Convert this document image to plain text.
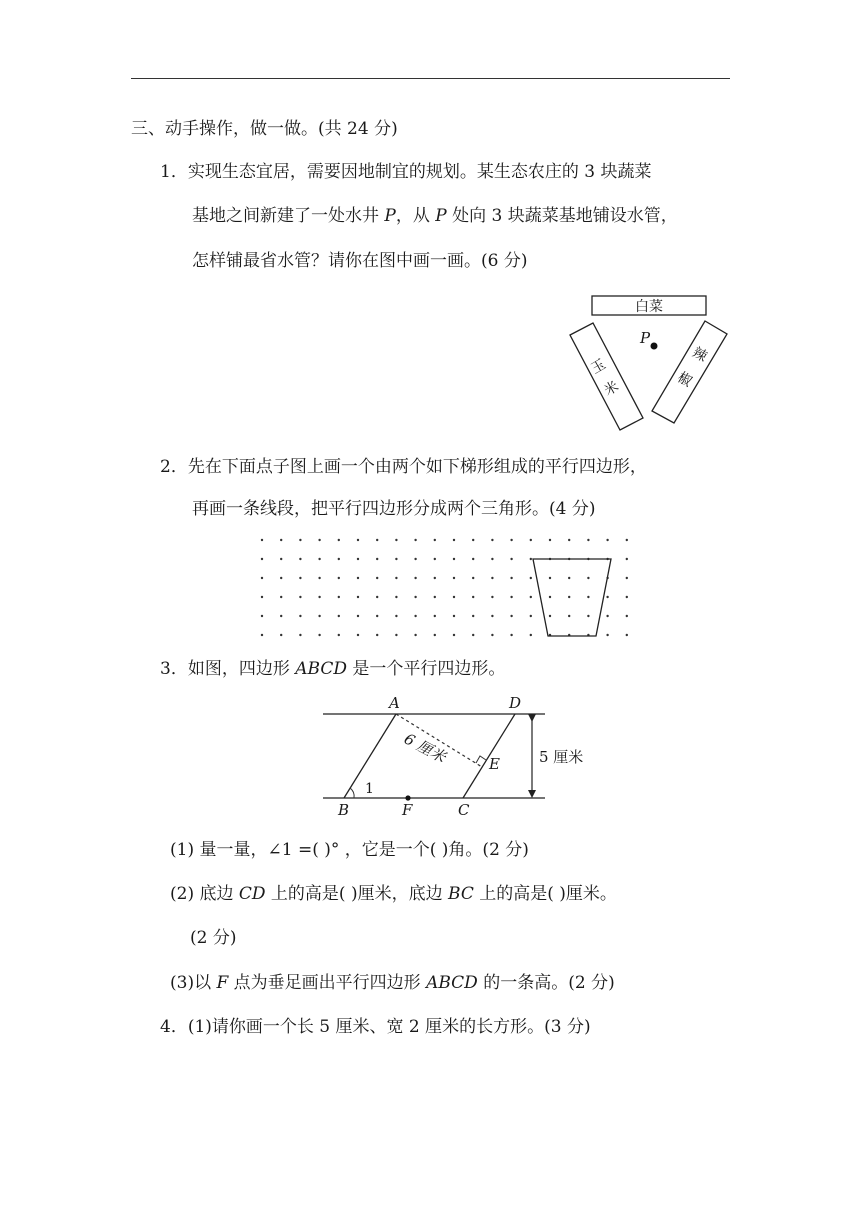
三、动手操作，做一做。(共 24 分)
1．实现生态宜居，需要因地制宜的规划。某生态农庄的 3 块蔬菜
基地之间新建了一处水井 P，从 P 处向 3 块蔬菜基地铺设水管，
怎样铺最省水管？请你在图中画一画。(6 分)
白菜
玉
米
辣
椒
P
2．先在下面点子图上画一个由两个如下梯形组成的平行四边形，
再画一条线段，把平行四边形分成两个三角形。(4 分)
3．如图，四边形 ABCD 是一个平行四边形。
A	D
B	F	C
E
1
6 厘米	5 厘米
(1) 量一量，∠1 =( )° ，它是一个( )角。(2 分)
(2) 底边 CD 上的高是( )厘米，底边 BC 上的高是( )厘米。
(2 分)
(3)以 F 点为垂足画出平行四边形 ABCD 的一条高。(2 分)
4．(1)请你画一个长 5 厘米、宽 2 厘米的长方形。(3 分)
